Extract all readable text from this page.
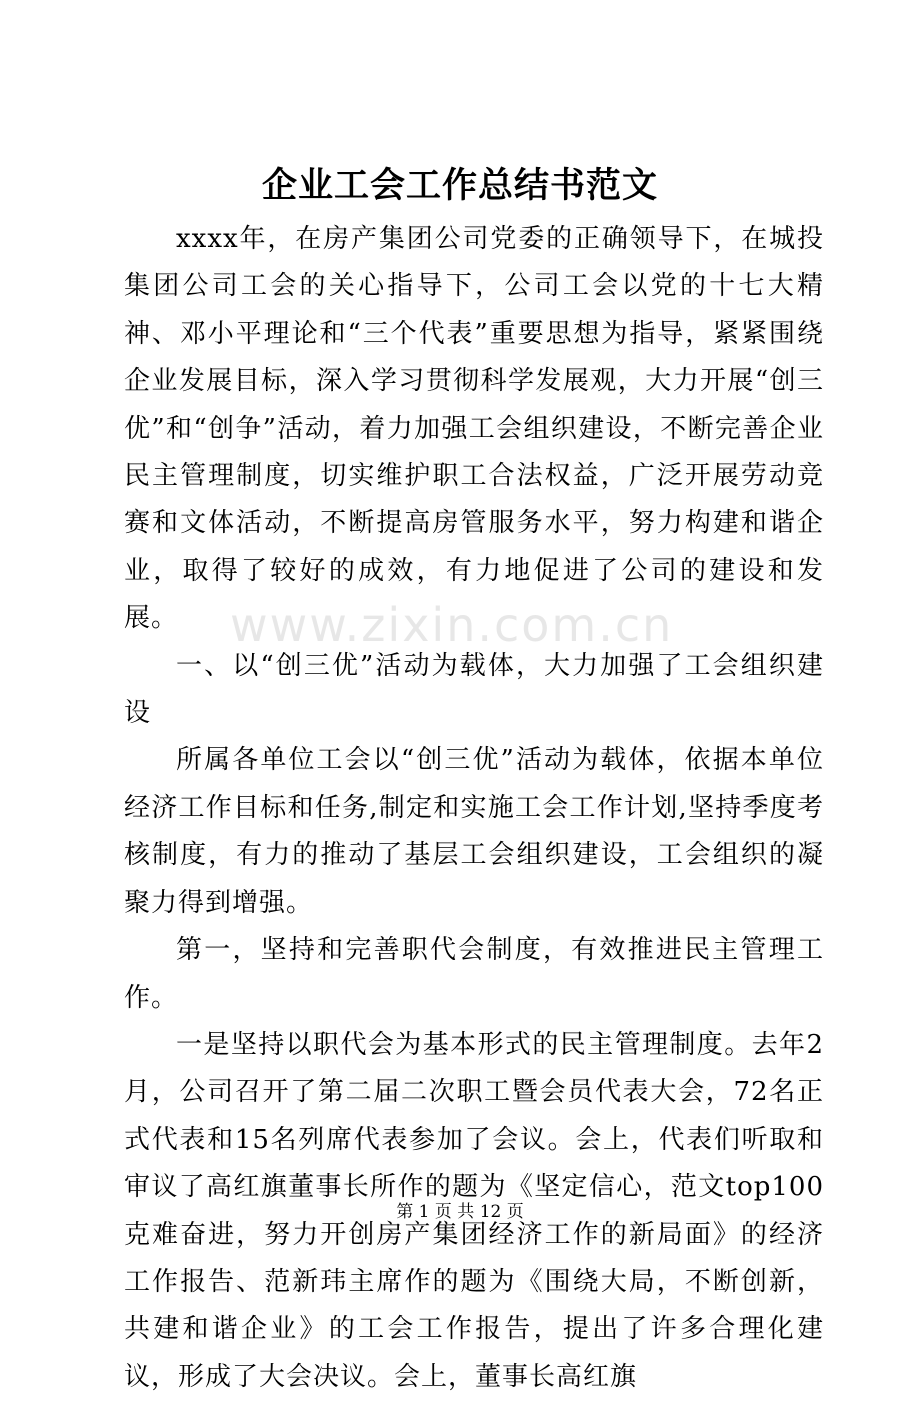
企业工会工作总结书范文

xxxx年，在房产集团公司党委的正确领导下，在城投集团公司工会的关心指导下，公司工会以党的十七大精神、邓小平理论和“三个代表”重要思想为指导，紧紧围绕企业发展目标，深入学习贯彻科学发展观，大力开展“创三优”和“创争”活动，着力加强工会组织建设，不断完善企业民主管理制度，切实维护职工合法权益，广泛开展劳动竞赛和文体活动，不断提高房管服务水平，努力构建和谐企业，取得了较好的成效，有力地促进了公司的建设和发展。

一、以“创三优”活动为载体，大力加强了工会组织建设

所属各单位工会以“创三优”活动为载体，依据本单位经济工作目标和任务,制定和实施工会工作计划,坚持季度考核制度，有力的推动了基层工会组织建设，工会组织的凝聚力得到增强。

第一，坚持和完善职代会制度，有效推进民主管理工作。

一是坚持以职代会为基本形式的民主管理制度。去年2月，公司召开了第二届二次职工暨会员代表大会，72名正式代表和15名列席代表参加了会议。会上，代表们听取和审议了高红旗董事长所作的题为《坚定信心，范文top100克难奋进，努力开创房产集团经济工作的新局面》的经济工作报告、范新玮主席作的题为《围绕大局，不断创新，共建和谐企业》的工会工作报告，提出了许多合理化建议，形成了大会决议。会上，董事长高红旗

www.zixin.com.cn
第 1 页 共 12 页
